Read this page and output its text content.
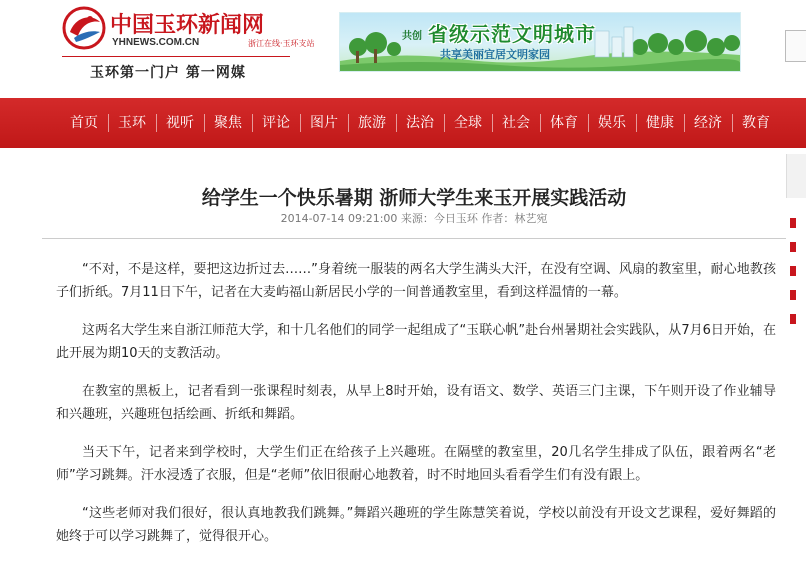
中国玉环新闻网
YHNEWS.COM.CN	浙江在线·玉环支站
玉环第一门户 第一网媒
共创 省级示范文明城市
共享美丽宜居文明家园
首页	玉环	视听	聚焦	评论	图片	旅游	法治	全球	社会	体育	娱乐	健康	经济	教育
给学生一个快乐暑期 浙师大学生来玉开展实践活动
2014-07-14 09:21:00 来源：今日玉环 作者：林艺宛

“不对，不是这样，要把这边折过去……”身着统一服装的两名大学生满头大汗，在没有空调、风扇的教室里，耐心地教孩子们折纸。7月11日下午，记者在大麦屿福山新居民小学的一间普通教室里，看到这样温情的一幕。

这两名大学生来自浙江师范大学，和十几名他们的同学一起组成了“玉联心帆”赴台州暑期社会实践队，从7月6日开始，在此开展为期10天的支教活动。

在教室的黑板上，记者看到一张课程时刻表，从早上8时开始，设有语文、数学、英语三门主课，下午则开设了作业辅导和兴趣班，兴趣班包括绘画、折纸和舞蹈。

当天下午，记者来到学校时，大学生们正在给孩子上兴趣班。在隔壁的教室里，20几名学生排成了队伍，跟着两名“老师”学习跳舞。汗水浸透了衣服，但是“老师”依旧很耐心地教着，时不时地回头看看学生们有没有跟上。

“这些老师对我们很好，很认真地教我们跳舞。”舞蹈兴趣班的学生陈慧笑着说，学校以前没有开设文艺课程，爱好舞蹈的她终于可以学习跳舞了，觉得很开心。
